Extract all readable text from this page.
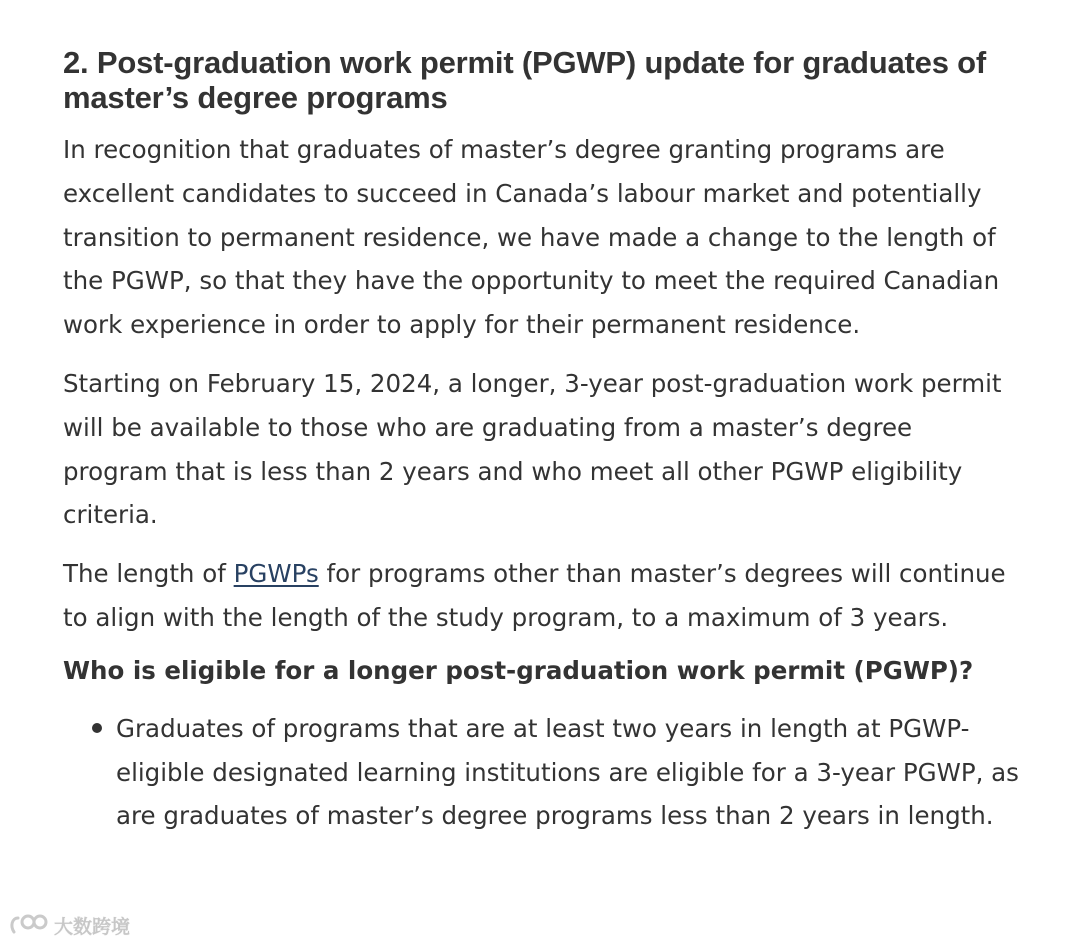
2. Post-graduation work permit (PGWP) update for graduates of master’s degree programs

In recognition that graduates of master’s degree granting programs are excellent candidates to succeed in Canada’s labour market and potentially transition to permanent residence, we have made a change to the length of the PGWP, so that they have the opportunity to meet the required Canadian work experience in order to apply for their permanent residence.

Starting on February 15, 2024, a longer, 3-year post-graduation work permit will be available to those who are graduating from a master’s degree program that is less than 2 years and who meet all other PGWP eligibility criteria.

The length of PGWPs for programs other than master’s degrees will continue to align with the length of the study program, to a maximum of 3 years.

Who is eligible for a longer post-graduation work permit (PGWP)?
Graduates of programs that are at least two years in length at PGWP-eligible designated learning institutions are eligible for a 3-year PGWP, as are graduates of master’s degree programs less than 2 years in length.
大数跨境
